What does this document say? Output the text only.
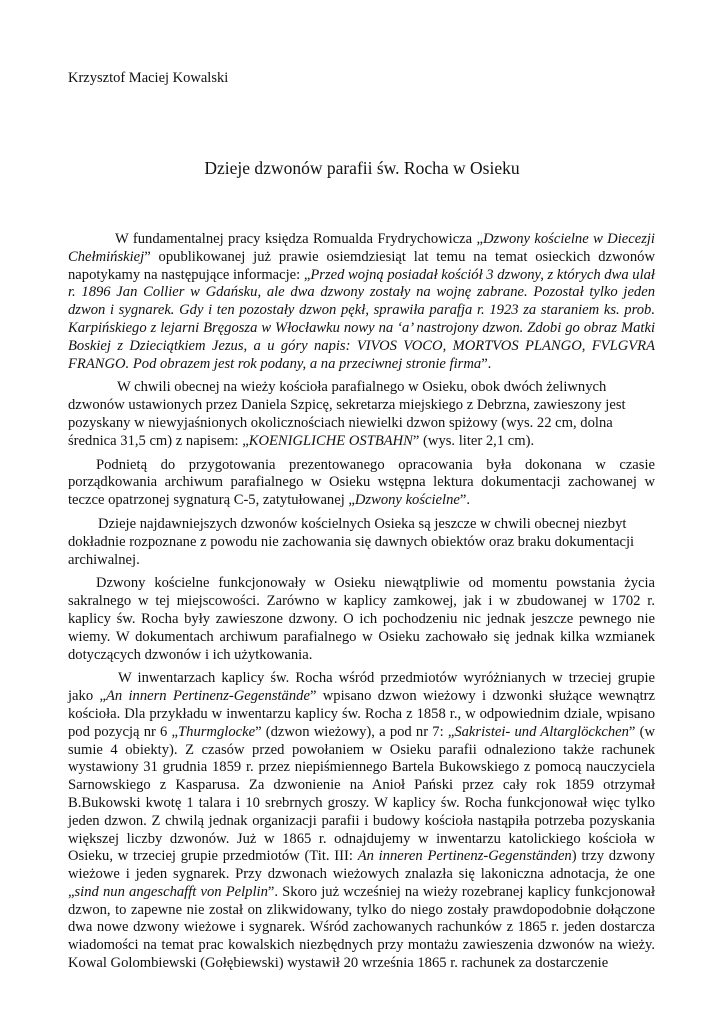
Krzysztof Maciej Kowalski
Dzieje dzwonów parafii św. Rocha w Osieku

W fundamentalnej pracy księdza Romualda Frydrychowicza „Dzwony kościelne w Diecezji Chełmińskiej” opublikowanej już prawie osiemdziesiąt lat temu na temat osieckich dzwonów napotykamy na następujące informacje: „Przed wojną posiadał kościół 3 dzwony, z których dwa ulał r. 1896 Jan Collier w Gdańsku, ale dwa dzwony zostały na wojnę zabrane. Pozostał tylko jeden dzwon i sygnarek. Gdy i ten pozostały dzwon pękł, sprawiła parafja r. 1923 za staraniem ks. prob. Karpińskiego z lejarni Bręgosza w Włocławku nowy na ‘a’ nastrojony dzwon. Zdobi go obraz Matki Boskiej z Dzieciątkiem Jezus, a u góry napis: VIVOS VOCO, MORTVOS PLANGO, FVLGVRA FRANGO. Pod obrazem jest rok podany, a na przeciwnej stronie firma”.

W chwili obecnej na wieży kościoła parafialnego w Osieku, obok dwóch żeliwnych dzwonów ustawionych przez Daniela Szpicę, sekretarza miejskiego z Debrzna, zawieszony jest pozyskany w niewyjaśnionych okolicznościach niewielki dzwon spiżowy (wys. 22 cm, dolna średnica 31,5 cm) z napisem: „KOENIGLICHE OSTBAHN” (wys. liter 2,1 cm).

Podnietą do przygotowania prezentowanego opracowania była dokonana w czasie porządkowania archiwum parafialnego w Osieku wstępna lektura dokumentacji zachowanej w teczce opatrzonej sygnaturą C-5, zatytułowanej „Dzwony kościelne”.

Dzieje najdawniejszych dzwonów kościelnych Osieka są jeszcze w chwili obecnej niezbyt dokładnie rozpoznane z powodu nie zachowania się dawnych obiektów oraz braku dokumentacji archiwalnej.

Dzwony kościelne funkcjonowały w Osieku niewątpliwie od momentu powstania życia sakralnego w tej miejscowości. Zarówno w kaplicy zamkowej, jak i w zbudowanej w 1702 r. kaplicy św. Rocha były zawieszone dzwony. O ich pochodzeniu nic jednak jeszcze pewnego nie wiemy. W dokumentach archiwum parafialnego w Osieku zachowało się jednak kilka wzmianek dotyczących dzwonów i ich użytkowania.

W inwentarzach kaplicy św. Rocha wśród przedmiotów wyróżnianych w trzeciej grupie jako „An innern Pertinenz-Gegenstände” wpisano dzwon wieżowy i dzwonki służące wewnątrz kościoła. Dla przykładu w inwentarzu kaplicy św. Rocha z 1858 r., w odpowiednim dziale, wpisano pod pozycją nr 6 „Thurmglocke” (dzwon wieżowy), a pod nr 7: „Sakristei- und Altarglöckchen” (w sumie 4 obiekty). Z czasów przed powołaniem w Osieku parafii odnaleziono także rachunek wystawiony 31 grudnia 1859 r. przez niepiśmiennego Bartela Bukowskiego z pomocą nauczyciela Sarnowskiego z Kasparusa. Za dzwonienie na Anioł Pański przez cały rok 1859 otrzymał B.Bukowski kwotę 1 talara i 10 srebrnych groszy. W kaplicy św. Rocha funkcjonował więc tylko jeden dzwon. Z chwilą jednak organizacji parafii i budowy kościoła nastąpiła potrzeba pozyskania większej liczby dzwonów. Już w 1865 r. odnajdujemy w inwentarzu katolickiego kościoła w Osieku, w trzeciej grupie przedmiotów (Tit. III: An inneren Pertinenz-Gegenständen) trzy dzwony wieżowe i jeden sygnarek. Przy dzwonach wieżowych znalazła się lakoniczna adnotacja, że one „sind nun angeschafft von Pelplin”. Skoro już wcześniej na wieży rozebranej kaplicy funkcjonował dzwon, to zapewne nie został on zlikwidowany, tylko do niego zostały prawdopodobnie dołączone dwa nowe dzwony wieżowe i sygnarek. Wśród zachowanych rachunków z 1865 r. jeden dostarcza wiadomości na temat prac kowalskich niezbędnych przy montażu zawieszenia dzwonów na wieży. Kowal Golombiewski (Gołębiewski) wystawił 20 września 1865 r. rachunek za dostarczenie
